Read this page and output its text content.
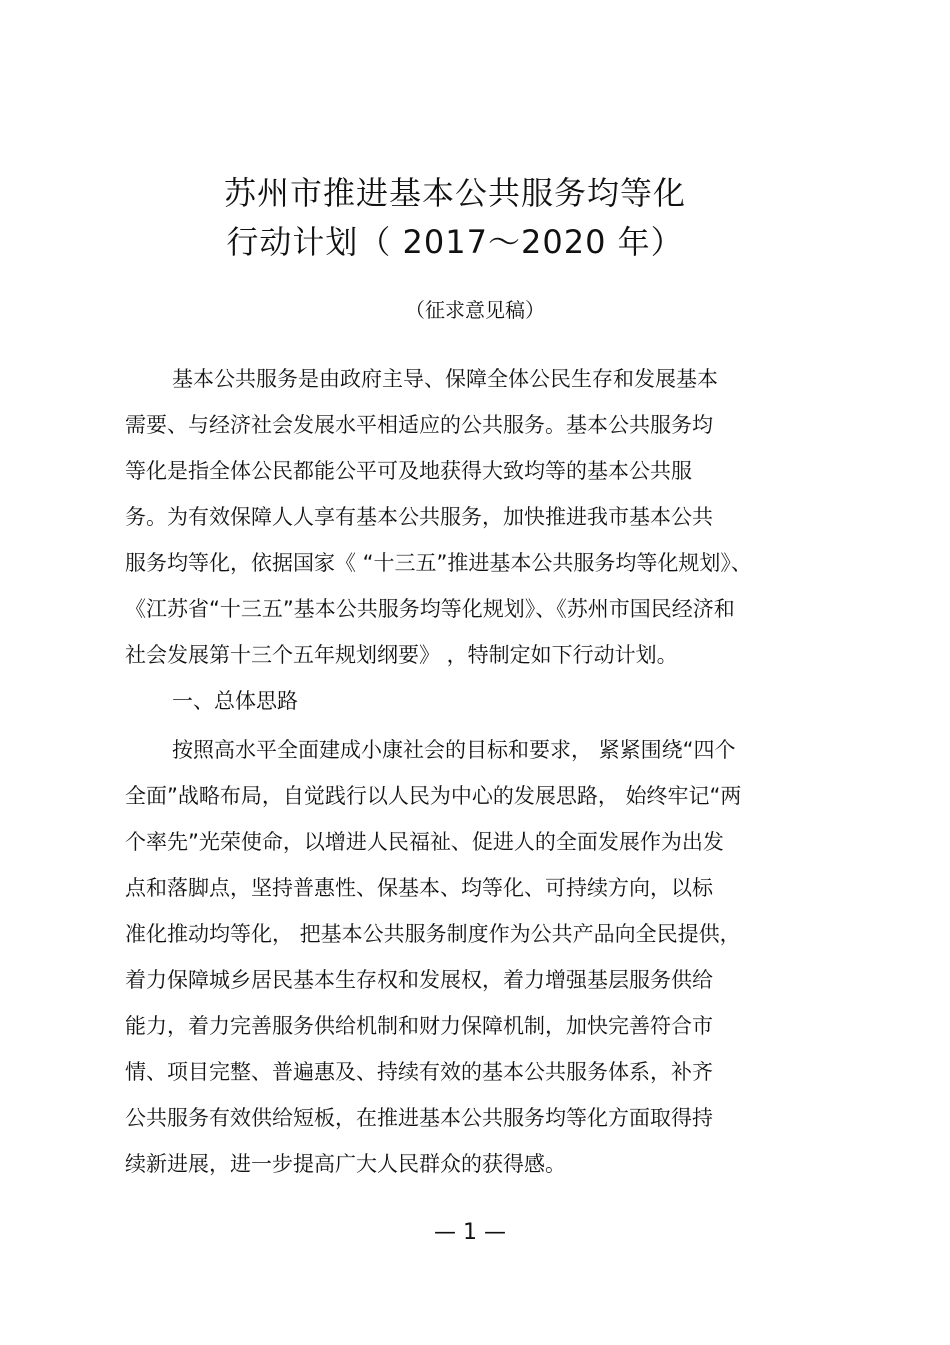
苏州市推进基本公共服务均等化
行动计划（ 2017～2020 年）
（征求意见稿）
基本公共服务是由政府主导、保障全体公民生存和发展基本
需要、与经济社会发展水平相适应的公共服务。基本公共服务均
等化是指全体公民都能公平可及地获得大致均等的基本公共服
务。为有效保障人人享有基本公共服务，加快推进我市基本公共
服务均等化，依据国家《 “十三五”推进基本公共服务均等化规划》、
《江苏省“十三五”基本公共服务均等化规划》、《苏州市国民经济和
社会发展第十三个五年规划纲要》 ，特制定如下行动计划。
一、总体思路
按照高水平全面建成小康社会的目标和要求， 紧紧围绕“四个
全面”战略布局，自觉践行以人民为中心的发展思路， 始终牢记“两
个率先”光荣使命，以增进人民福祉、促进人的全面发展作为出发
点和落脚点，坚持普惠性、保基本、均等化、可持续方向，以标
准化推动均等化， 把基本公共服务制度作为公共产品向全民提供，
着力保障城乡居民基本生存权和发展权，着力增强基层服务供给
能力，着力完善服务供给机制和财力保障机制，加快完善符合市
情、项目完整、普遍惠及、持续有效的基本公共服务体系，补齐
公共服务有效供给短板，在推进基本公共服务均等化方面取得持
续新进展，进一步提高广大人民群众的获得感。
— 1 —
